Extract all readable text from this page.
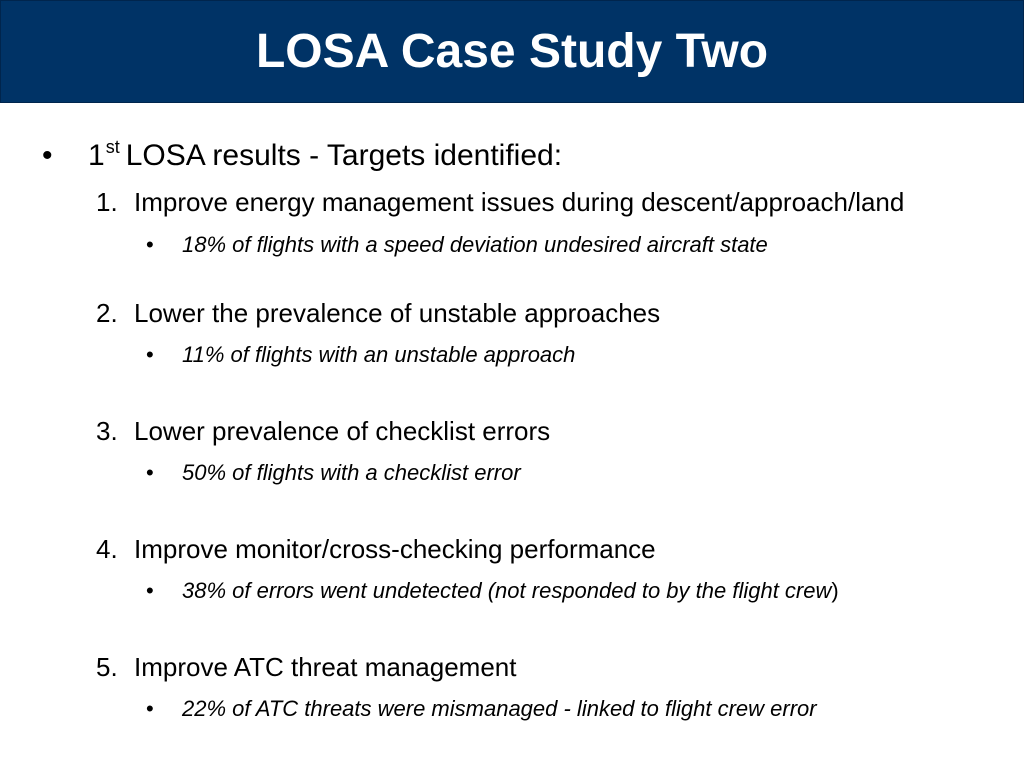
LOSA Case Study Two
• 1st LOSA results - Targets identified:
1. Improve energy management issues during descent/approach/land
• 18% of flights with a speed deviation undesired aircraft state
2. Lower the prevalence of unstable approaches
• 11% of flights with an unstable approach
3. Lower prevalence of checklist errors
• 50% of flights with a checklist error
4. Improve monitor/cross-checking performance
• 38% of errors went undetected (not responded to by the flight crew)
5. Improve ATC threat management
• 22% of ATC threats were mismanaged - linked to flight crew error
